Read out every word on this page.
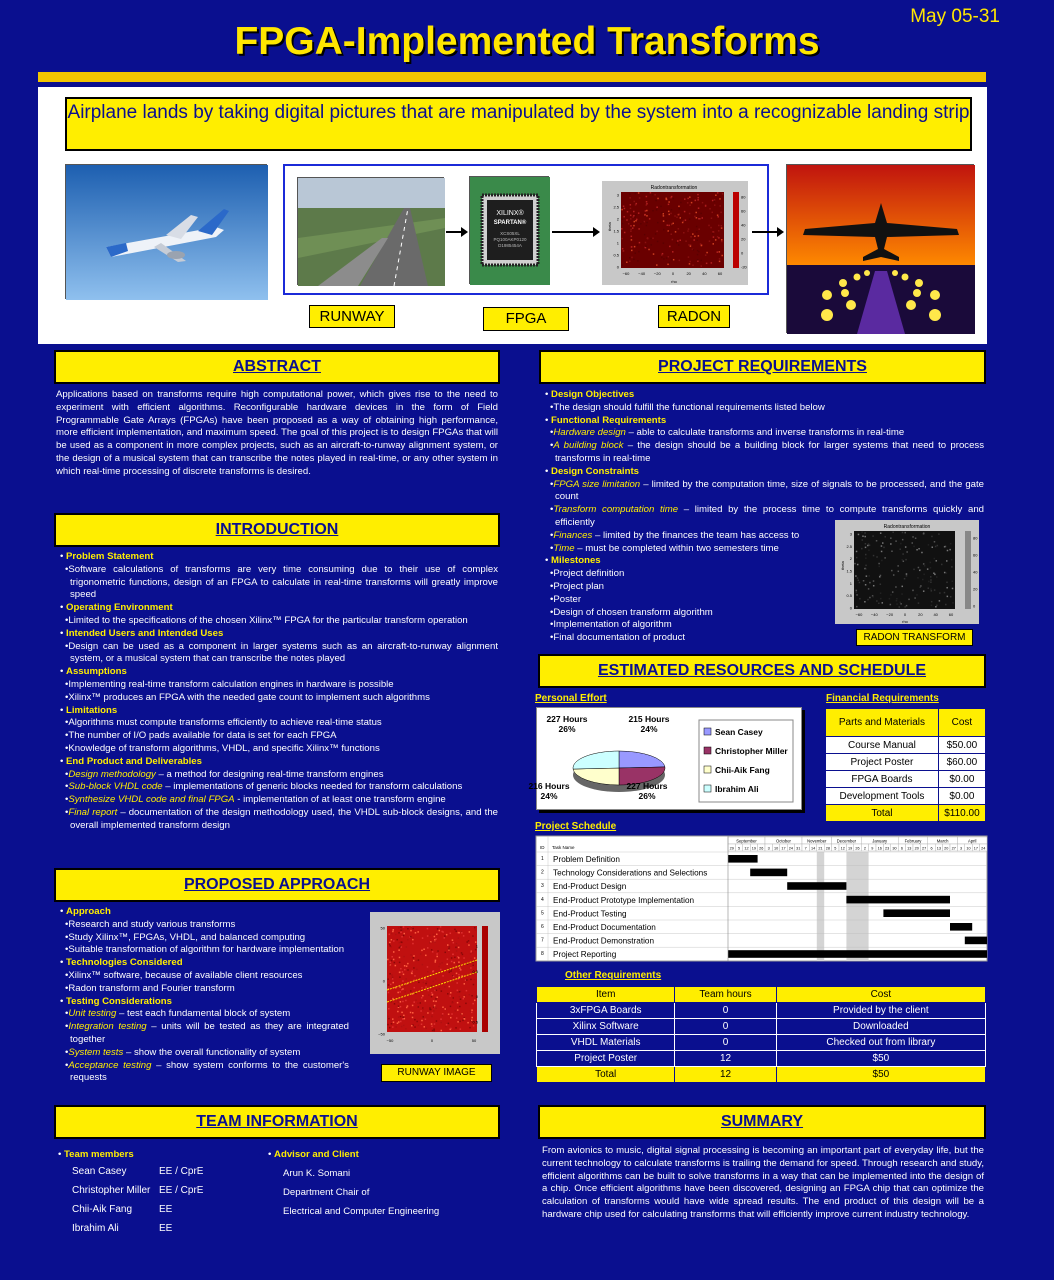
May 05-31
FPGA-Implemented Transforms
Airplane lands by taking digital pictures that are manipulated by the system into a recognizable landing strip
XILINX®
SPARTAN®
XCS05XL
PQ100AKP0120
D1985454A
Radontransformation
theta
rho
3
2.5
2
1.5
1
0.5
0
−60 −40 −20	0	20	40	60
80
60
40
20
0
-20
RUNWAY	FPGA	RADON
ABSTRACT
Applications based on transforms require high computational power, which gives rise to the need to experiment with efficient algorithms. Reconfigurable hardware devices in the form of Field Programmable Gate Arrays (FPGAs) have been proposed as a way of obtaining high performance, more efficient implementation, and maximum speed. The goal of this project is to design FPGAs that will be used as a component in more complex projects, such as an aircraft-to-runway alignment system, or the design of a musical system that can transcribe the notes played in real-time, or any other system in which real-time processing of discrete transforms is desired.
INTRODUCTION

• Problem Statement

•Software calculations of transforms are very time consuming due to their use of complex trigonometric functions, design of an FPGA to calculate in real-time transforms will greatly improve speed

• Operating Environment

•Limited to the specifications of the chosen Xilinx™ FPGA for the particular transform operation

• Intended Users and Intended Uses

•Design can be used as a component in larger systems such as an aircraft-to-runway alignment system, or a musical system that can transcribe the notes played

• Assumptions

•Implementing real-time transform calculation engines in hardware is possible

•Xilinx™ produces an FPGA with the needed gate count to implement such algorithms

• Limitations

•Algorithms must compute transforms efficiently to achieve real-time status

•The number of I/O pads available for data is set for each FPGA

•Knowledge of transform algorithms, VHDL, and specific Xilinx™ functions

• End Product and Deliverables

•Design methodology – a method for designing real-time transform engines

•Sub-block VHDL code – implementations of generic blocks needed for transform calculations

•Synthesize VHDL code and final FPGA - implementation of at least one transform engine

•Final report – documentation of the design methodology used, the VHDL sub-block designs, and the overall implemented transform design

PROPOSED APPROACH

• Approach

•Research and study various transforms

•Study Xilinx™, FPGAs, VHDL, and balanced computing

•Suitable transformation of algorithm for hardware implementation

• Technologies Considered

•Xilinx™ software, because of available client resources

•Radon transform and Fourier transform

• Testing Considerations

•Unit testing – test each fundamental block of system

•Integration testing – units will be tested as they are integrated together

•System tests – show the overall functionality of system

•Acceptance testing – show system conforms to the customer's requests

50
0
−50
−50	0	50
1
0.5
0
0.5
RUNWAY IMAGE
PROJECT REQUIREMENTS

• Design Objectives

•The design should fulfill the functional requirements listed below

• Functional Requirements

•Hardware design – able to calculate transforms and inverse transforms in real-time

•A building block – the design should be a building block for larger systems that need to process transforms in real-time

• Design Constraints

•FPGA size limitation – limited by the computation time, size of signals to be processed, and the gate count

•Transform computation time – limited by the process time to compute transforms quickly and efficiently

•Finances – limited by the finances the team has access to

•Time – must be completed within two semesters time

• Milestones

•Project definition

•Project plan

•Poster

•Design of chosen transform algorithm

•Implementation of algorithm

•Final documentation of product

Radontransformation
theta
rho
3
2.5
2
1.5
1
0.5
0
−60 −40 −20	0	20	40	60
80
60
40
20
0
RADON TRANSFORM
ESTIMATED RESOURCES AND SCHEDULE
Personal Effort
215 Hours
24%
227 Hours
26%
216 Hours
24%
227 Hours
26%
Sean Casey
Christopher Miller
Chii-Aik Fang
Ibrahim Ali
Financial Requirements
Parts and Materials	Cost
Course Manual	$50.00
Project Poster	$60.00
FPGA Boards	$0.00
Development Tools	$0.00
Total	$110.00
Project Schedule
ID Task Name
September	October	November December	January	February	March	April
29 5 12 19 26 3 10 17 24 31 7 14 21 28 5 12 19 26 2 9 16 23 30 6 13 20 27 6 13 20 27 3 10 17 24
1 Problem Definition
2 Technology Considerations and Selections
3 End-Product Design
4 End-Product Prototype Implementation
5 End-Product Testing
6 End-Product Documentation
7 End-Product Demonstration
8 Project Reporting
Other Requirements
Item	Team hours	Cost
3xFPGA Boards	0	Provided by the client
Xilinx Software	0	Downloaded
VHDL Materials	0	Checked out from library
Project Poster	12	$50
Total	12	$50
TEAM INFORMATION
• Team members
Sean Casey	EE / CprE
Christopher Miller	EE / CprE
Chii-Aik Fang	EE
Ibrahim Ali	EE
• Advisor and Client
Arun K. Somani
Department Chair of
Electrical and Computer Engineering
SUMMARY
From avionics to music, digital signal processing is becoming an important part of everyday life, but the current technology to calculate transforms is trailing the demand for speed. Through research and study, efficient algorithms can be built to solve transforms in a way that can be implemented into the design of a chip. Once efficient algorithms have been discovered, designing an FPGA chip that can optimize the calculation of transforms would have wide spread results. The end product of this design will be a hardware chip used for calculating transforms that will efficiently improve current industry technology.
